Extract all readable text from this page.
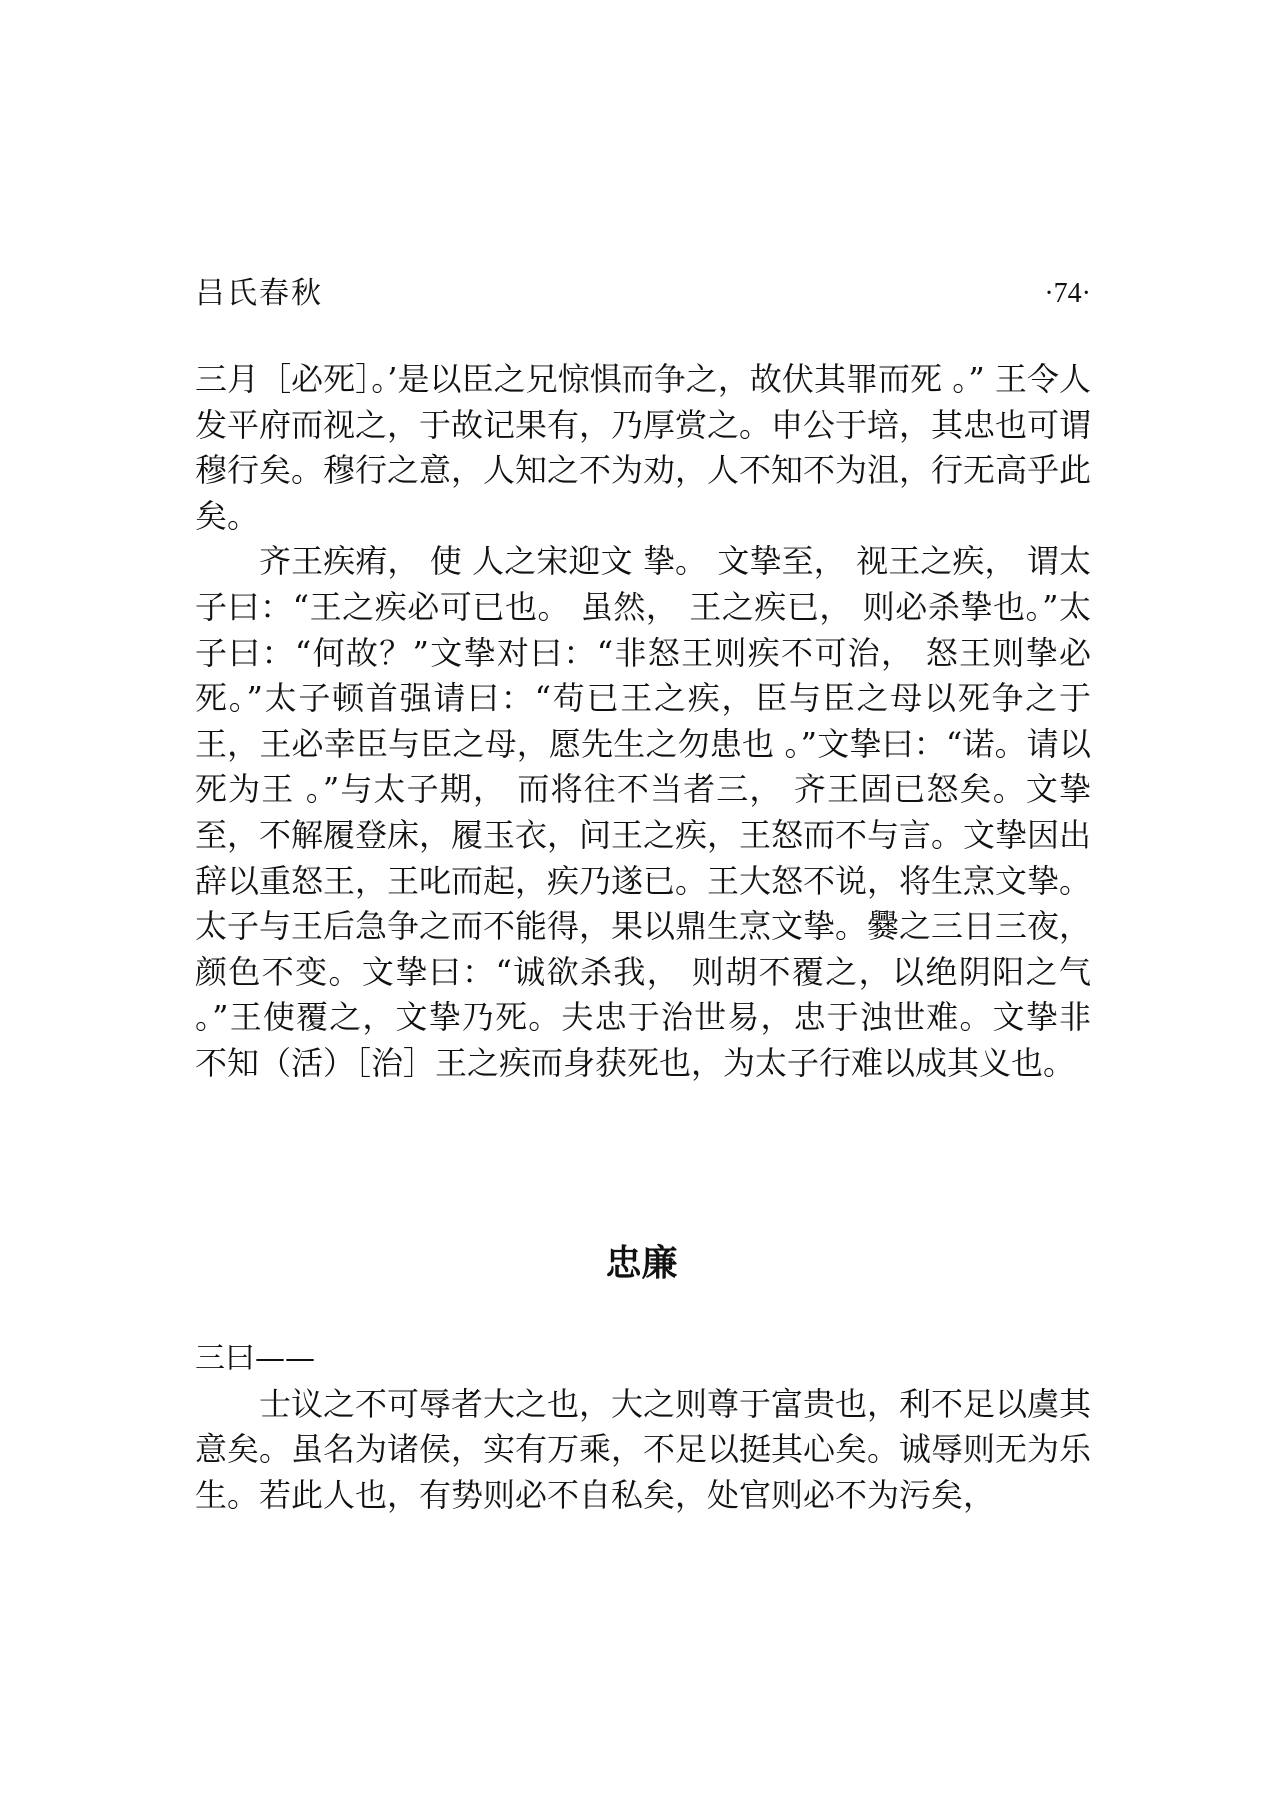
吕氏春秋	·74·

三月［必死］。’是以臣之兄惊惧而争之，故伏其罪而死 。” 王令人发平府而视之，于故记果有，乃厚赏之。申公于培，其忠也可谓穆行矣。穆行之意，人知之不为劝，人不知不为沮，行无高乎此矣。

齐王疾痏， 使 人之宋迎文 挚。 文挚至， 视王之疾， 谓太子曰：“王之疾必可已也。 虽然， 王之疾已， 则必杀挚也。”太子曰：“何故？”文挚对曰：“非怒王则疾不可治， 怒王则挚必死。”太子顿首强请曰：“苟已王之疾，臣与臣之母以死争之于王，王必幸臣与臣之母，愿先生之勿患也 。”文挚曰：“诺。请以死为王 。”与太子期， 而将往不当者三， 齐王固已怒矣。文挚至，不解履登床，履玉衣，问王之疾，王怒而不与言。文挚因出辞以重怒王，王叱而起，疾乃遂已。王大怒不说，将生烹文挚。太子与王后急争之而不能得，果以鼎生烹文挚。爨之三日三夜，颜色不变。文挚曰：“诚欲杀我， 则胡不覆之，以绝阴阳之气 。”王使覆之，文挚乃死。夫忠于治世易，忠于浊世难。文挚非不知（活）［治］王之疾而身获死也，为太子行难以成其义也。

忠廉

三曰——

士议之不可辱者大之也，大之则尊于富贵也，利不足以虞其意矣。虽名为诸侯，实有万乘，不足以挺其心矣。诚辱则无为乐生。若此人也，有势则必不自私矣，处官则必不为污矣，
